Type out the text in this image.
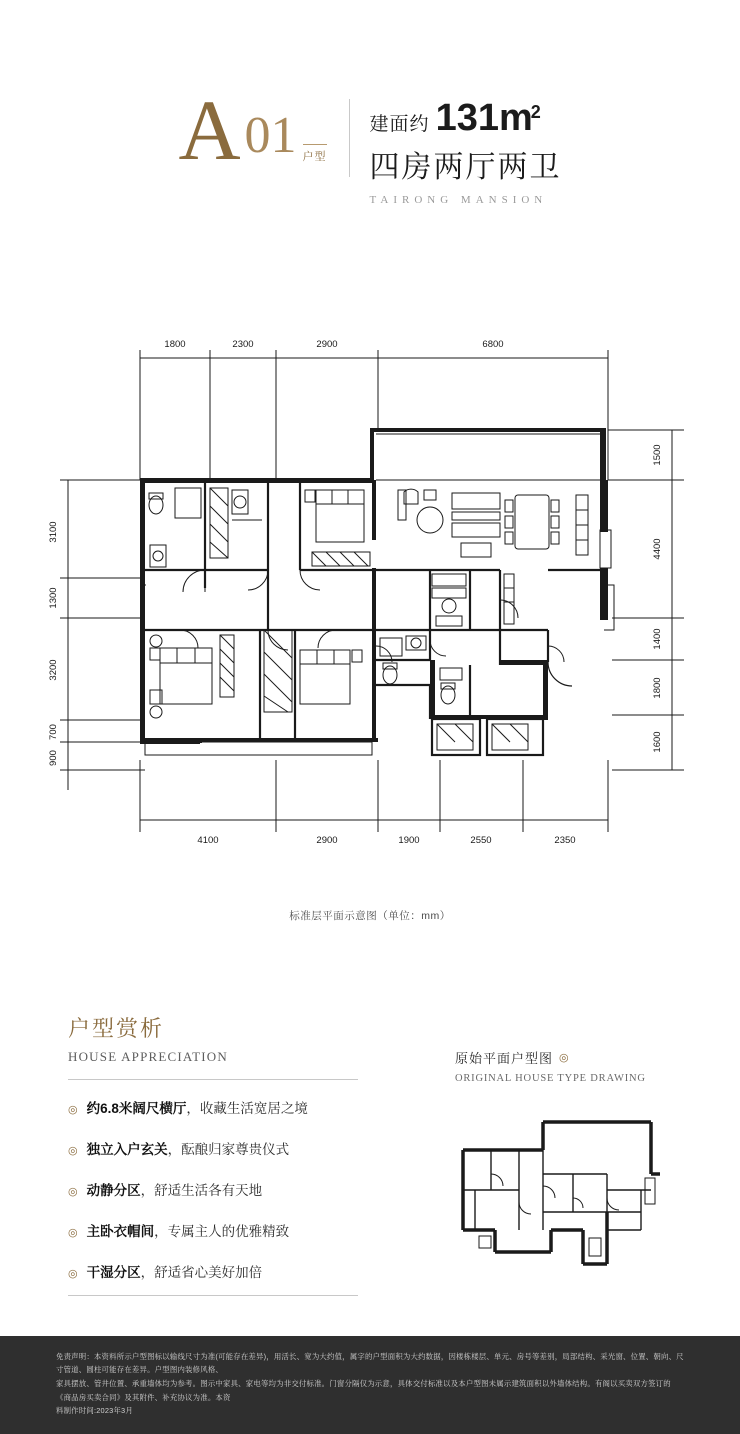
A 01 户型
建面约 131m
2
四房两厅两卫
TAIRONG MANSION
1800	2300	2900	6800
4100	2900	1900	2550	2350
3100
1300
3200
700
900
1500
4400
1400
1800
1600
标准层平面示意图（单位：mm）
户型赏析
HOUSE APPRECIATION
◎ 约6.8米阔尺横厅，收藏生活宽居之境
◎ 独立入户玄关，酝酿归家尊贵仪式
◎ 动静分区，舒适生活各有天地
◎ 主卧衣帽间，专属主人的优雅精致
◎ 干湿分区，舒适省心美好加倍
原始平面户型图 ◎
ORIGINAL HOUSE TYPE DRAWING

免责声明：本资料所示户型图标以输线尺寸为准(可能存在差异)，用活长、宽为大约值，属字的户型面积为大约数据，因楼栋楼层、单元、房号等差别，局部结构、采光窗、位置、朝向、尺寸管道、圆柱可能存在差异。户型图内装修风格、

家具摆放、管井位置、承重墙体均为参考。图示中家具、家电等均为非交付标准。门窗分隔仅为示意，具体交付标准以及本户型图未属示建筑面积以外墙体结构。有阁以买卖双方签订的《商品房买卖合同》及其附件、补充协议为准。本资

料制作时间:2023年3月
